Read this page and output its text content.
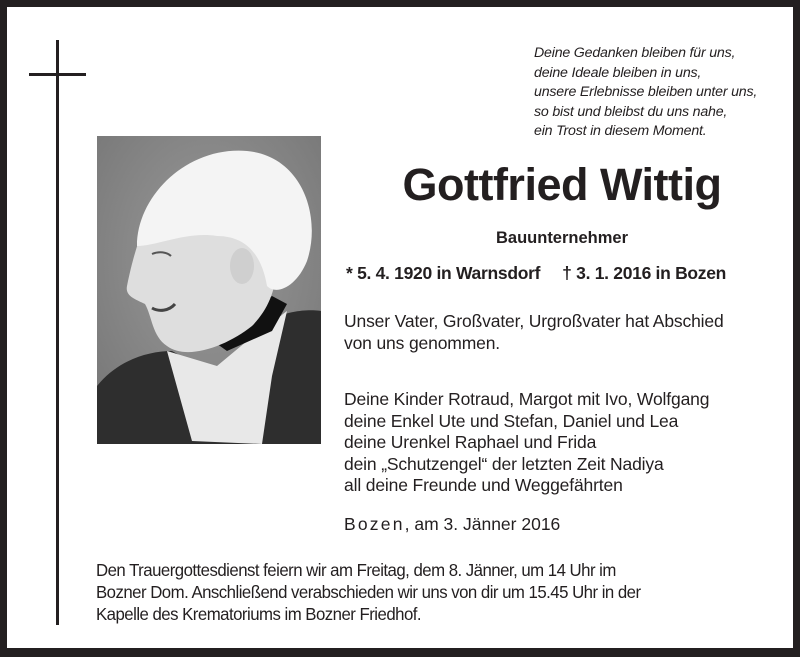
Deine Gedanken bleiben für uns,
deine Ideale bleiben in uns,
unsere Erlebnisse bleiben unter uns,
so bist und bleibst du uns nahe,
ein Trost in diesem Moment.
Gottfried Wittig
Bauunternehmer
* 5. 4. 1920 in Warnsdorf † 3. 1. 2016 in Bozen
Unser Vater, Großvater, Urgroßvater hat Abschied
von uns genommen.
Deine Kinder Rotraud, Margot mit Ivo, Wolfgang
deine Enkel Ute und Stefan, Daniel und Lea
deine Urenkel Raphael und Frida
dein „Schutzengel“ der letzten Zeit Nadiya
all deine Freunde und Weggefährten
Bozen, am 3. Jänner 2016
Den Trauergottesdienst feiern wir am Freitag, dem 8. Jänner, um 14 Uhr im
Bozner Dom. Anschließend verabschieden wir uns von dir um 15.45 Uhr in der
Kapelle des Krematoriums im Bozner Friedhof.
